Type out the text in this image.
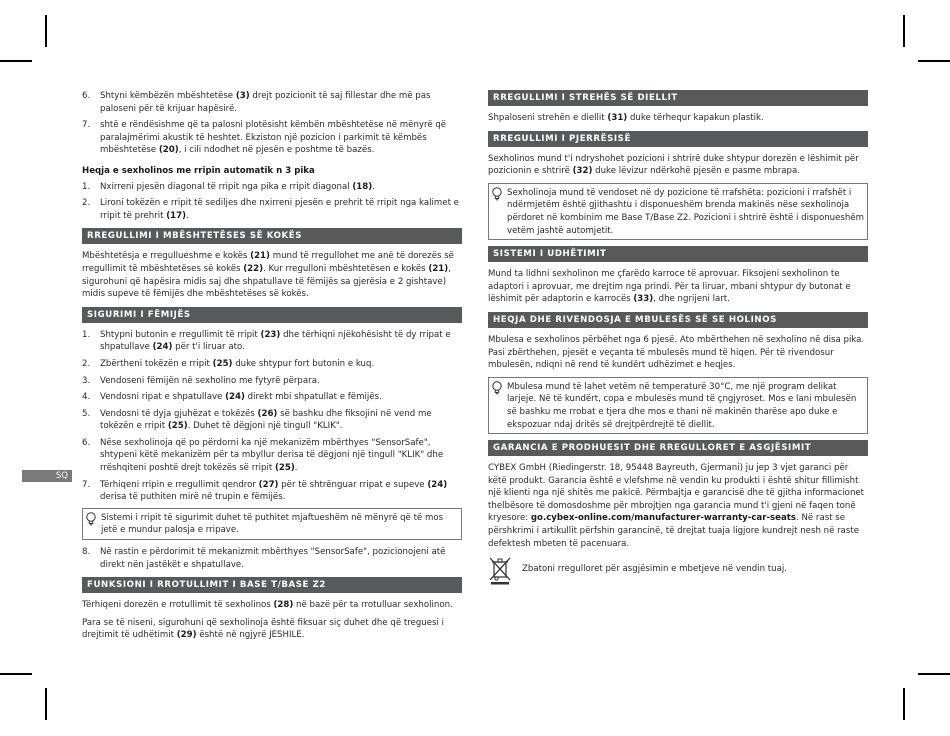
SQ
6.	Shtyni këmbëzën mbështetëse (3) drejt pozicionit të saj fillestar dhe më pas paloseni për të krijuar hapësirë.
7.	shtë e rëndësishme që ta palosni plotësisht këmbën mbështetëse në mënyrë që paralajmërimi akustik të heshtet. Ekziston një pozicion i parkimit të këmbës mbështetëse (20), i cili ndodhet në pjesën e poshtme të bazës.
Heqja e sexholinos me rripin automatik n 3 pika
1.	Nxirreni pjesën diagonal të rripit nga pika e rripit diagonal (18).
2.	Lironi tokëzën e rripit të sediljes dhe nxirreni pjesën e prehrit të rripit nga kalimet e rripit të prehrit (17).
RREGULLIMI I MBËSHTETËSES SË KOKËS

Mbështetësja e rregullueshme e kokës (21) mund të rregullohet me anë të dorezës së rregullimit të mbështetëses së kokës (22). Kur rregulloni mbështetësen e kokës (21), sigurohuni që hapësira midis saj dhe shpatullave të fëmijës sa gjerësia e 2 gishtave) midis supeve të fëmijës dhe mbështetëses së kokës.

SIGURIMI I FËMIJËS
1.	Shtypni butonin e rregullimit të rripit (23) dhe tërhiqni njëkohësisht të dy rripat e shpatullave (24) për t'i liruar ato.
2.	Zbërtheni tokëzën e rripit (25) duke shtypur fort butonin e kuq.
3.	Vendoseni fëmijën në sexholino me fytyrë përpara.
4.	Vendosni ripat e shpatullave (24) direkt mbi shpatullat e fëmijës.
5.	Vendosni të dyja gjuhëzat e tokëzës (26) së bashku dhe fiksojini në vend me tokëzën e rripit (25). Duhet të dëgjoni një tingull "KLIK".
6.	Nëse sexholinoja që po përdorni ka një mekanizëm mbërthyes "SensorSafe", shtypeni këtë mekanizëm për ta mbyllur derisa të dëgjoni një tingull "KLIK" dhe rrëshqiteni poshtë drejt tokëzës së rripit (25).
7.	Tërhiqeni rripin e rregullimit qendror (27) për të shtrënguar rripat e supeve (24) derisa të puthiten mirë në trupin e fëmijës.
Sistemi i rripit të sigurimit duhet të puthitet mjaftueshëm në mënyrë që të mos jetë e mundur palosja e rripave.
8.	Në rastin e përdorimit të mekanizmit mbërthyes "SensorSafe", pozicionojeni atë direkt nën jastëkët e shpatullave.
FUNKSIONI I RROTULLIMIT I BASE T/BASE Z2

Tërhiqeni dorezën e rrotullimit të sexholinos (28) në bazë për ta rrotulluar sexholinon.

Para se të niseni, sigurohuni që sexholinoja është fiksuar siç duhet dhe që treguesi i drejtimit të udhëtimit (29) është në ngjyrë JESHILE.

RREGULLIMI I STREHËS SË DIELLIT

Shpaloseni strehën e diellit (31) duke tërhequr kapakun plastik.

RREGULLIMI I PJERRËSISË

Sexholinos mund t'i ndryshohet pozicioni i shtrirë duke shtypur dorezën e lëshimit për pozicionin e shtrirë (32) duke lëvizur ndërkohë pjesën e pasme mbrapa.

Sexholinoja mund të vendoset në dy pozicione të rrafshëta: pozicioni i rrafshët i ndërmjetëm është gjithashtu i disponueshëm brenda makinës nëse sexholinoja përdoret në kombinim me Base T/Base Z2. Pozicioni i shtrirë është i disponueshëm vetëm jashtë automjetit.
SISTEMI I UDHËTIMIT

Mund ta lidhni sexholinon me çfarëdo karroce të aprovuar. Fiksojeni sexholinon te adaptori i aprovuar, me drejtim nga prindi. Për ta liruar, mbani shtypur dy butonat e lëshimit për adaptorin e karrocës (33), dhe ngrijeni lart.

HEQJA DHE RIVENDOSJA E MBULESËS SË SE HOLINOS

Mbulesa e sexholinos përbëhet nga 6 pjesë. Ato mbërthehen në sexholino në disa pika. Pasi zbërthehen, pjesët e veçanta të mbulesës mund të hiqen. Për të rivendosur mbulesën, ndiqni në rend të kundërt udhëzimet e heqjes.

Mbulesa mund të lahet vetëm në temperaturë 30°C, me një program delikat larjeje. Në të kundërt, copa e mbulesës mund të çngjyroset. Mos e lani mbulesën së bashku me rrobat e tjera dhe mos e thani në makinën tharëse apo duke e ekspozuar ndaj dritës së drejtpërdrejtë të diellit.
GARANCIA E PRODHUESIT DHE RREGULLORET E ASGJËSIMIT

CYBEX GmbH (Riedingerstr. 18, 95448 Bayreuth, Gjermani) ju jep 3 vjet garanci për këtë produkt. Garancia është e vlefshme në vendin ku produkti i është shitur fillimisht një klienti nga një shitës me pakicë. Përmbajtja e garancisë dhe të gjitha informacionet thelbësore të domosdoshme për mbrojtjen nga garancia mund t'i gjeni në faqen tonë kryesore: go.cybex-online.com/manufacturer-warranty-car-seats. Në rast se përshkrimi i artikullit përfshin garancinë, të drejtat tuaja ligjore kundrejt nesh në raste defektesh mbeten të pacenuara.

Zbatoni rregulloret për asgjësimin e mbetjeve në vendin tuaj.
